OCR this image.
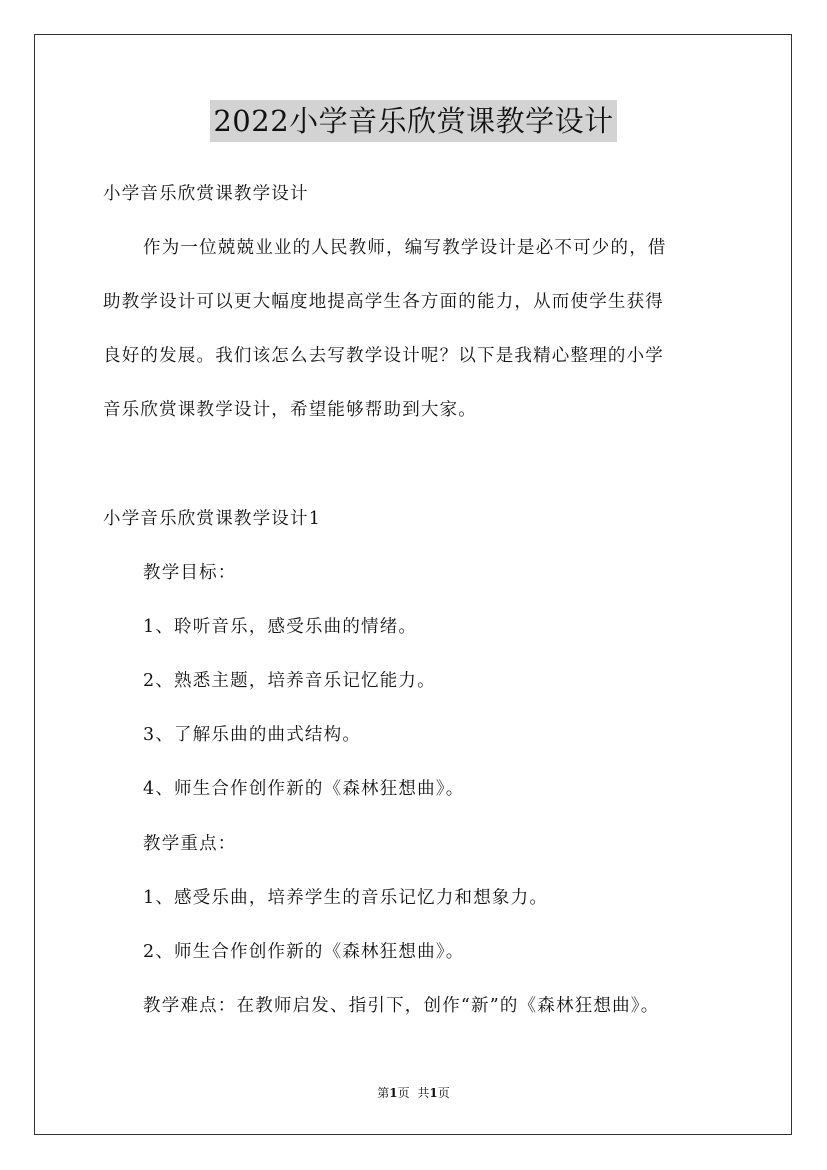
2022小学音乐欣赏课教学设计
小学音乐欣赏课教学设计
作为一位兢兢业业的人民教师，编写教学设计是必不可少的，借
助教学设计可以更大幅度地提高学生各方面的能力，从而使学生获得
良好的发展。我们该怎么去写教学设计呢？以下是我精心整理的小学
音乐欣赏课教学设计，希望能够帮助到大家。
小学音乐欣赏课教学设计1
教学目标：
1、聆听音乐，感受乐曲的情绪。
2、熟悉主题，培养音乐记忆能力。
3、了解乐曲的曲式结构。
4、师生合作创作新的《森林狂想曲》。
教学重点：
1、感受乐曲，培养学生的音乐记忆力和想象力。
2、师生合作创作新的《森林狂想曲》。
教学难点：在教师启发、指引下，创作“新”的《森林狂想曲》。
第1页 共1页
